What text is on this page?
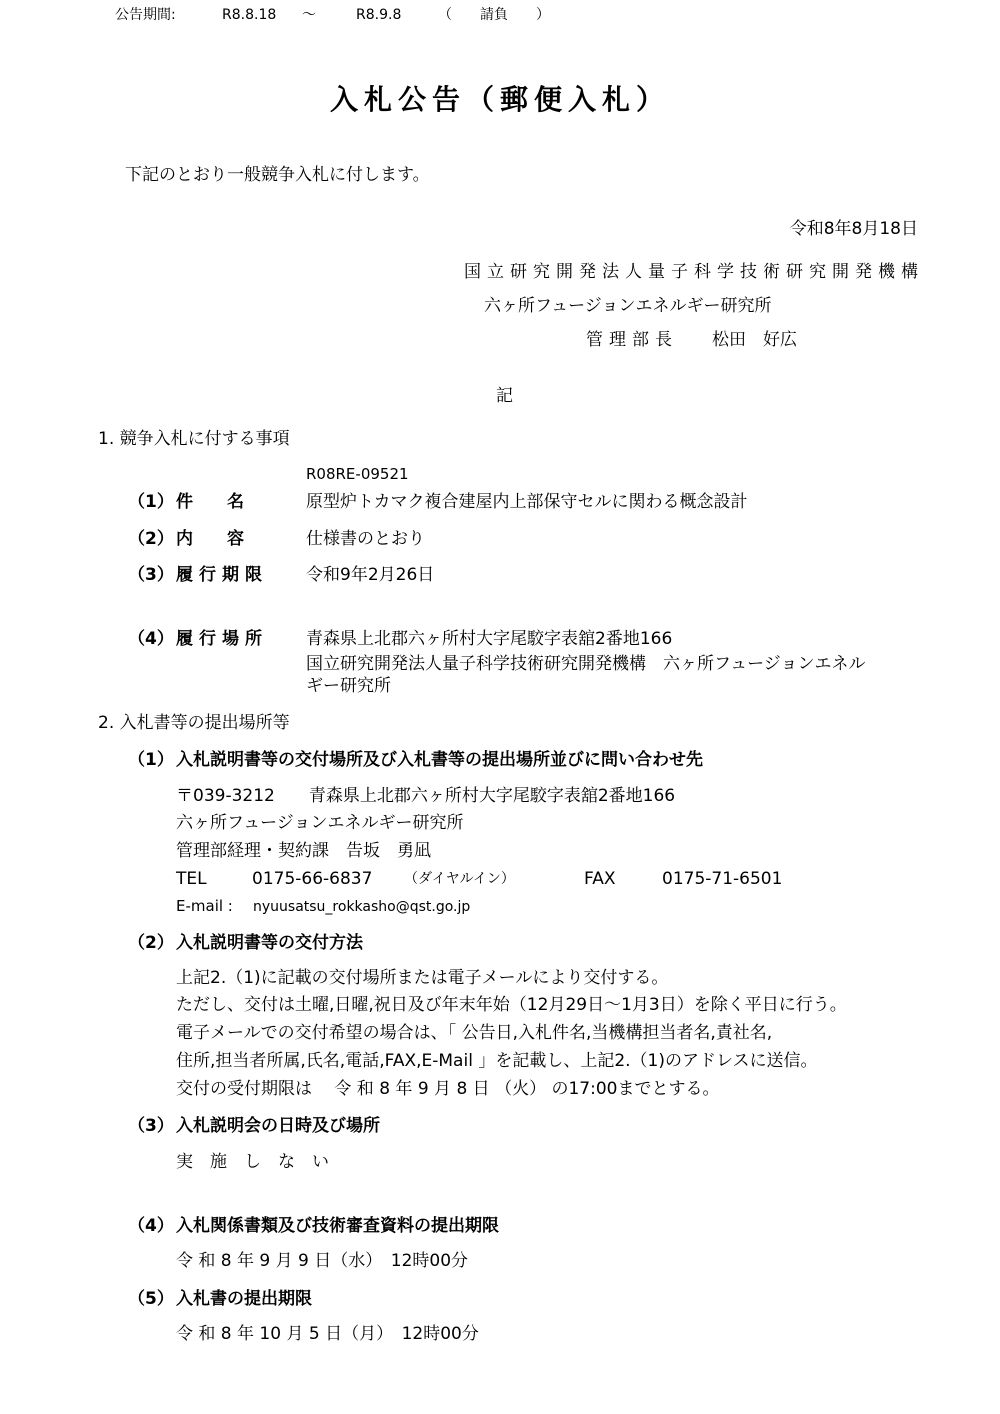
公告期間:	R8.8.18 ～	R8.9.8	（　　請負　　）
入札公告（郵便入札）
下記のとおり一般競争入札に付します。
令和8年8月18日
国立研究開発法人量子科学技術研究開発機構
六ヶ所フュージョンエネルギー研究所
管理部長 松田　好広
記
1. 競争入札に付する事項
R08RE-09521
（1） 件　　名	原型炉トカマク複合建屋内上部保守セルに関わる概念設計
（2） 内　　容	仕様書のとおり
（3） 履行期限 令和9年2月26日
（4） 履行場所 青森県上北郡六ヶ所村大字尾駮字表舘2番地166
国立研究開発法人量子科学技術研究開発機構　六ヶ所フュージョンエネル
ギー研究所
2. 入札書等の提出場所等
（1） 入札説明書等の交付場所及び入札書等の提出場所並びに問い合わせ先
〒039-3212　　青森県上北郡六ヶ所村大字尾駮字表舘2番地166
六ヶ所フュージョンエネルギー研究所
管理部経理・契約課　告坂　勇凪
TEL	0175-66-6837 （ダイヤルイン）	FAX	0175-71-6501
E-mail : nyuusatsu_rokkasho@qst.go.jp
（2） 入札説明書等の交付方法
上記2.（1)に記載の交付場所または電子メールにより交付する。
ただし、交付は土曜,日曜,祝日及び年末年始（12月29日～1月3日）を除く平日に行う。
電子メールでの交付希望の場合は、「 公告日,入札件名,当機構担当者名,責社名,
住所,担当者所属,氏名,電話,FAX,E-Mail 」を記載し、上記2.（1)のアドレスに送信。
交付の受付期限は　 令 和 8 年 9 月 8 日 （火） の17:00までとする。
（3） 入札説明会の日時及び場所
実　施　し　な　い
（4） 入札関係書類及び技術審査資料の提出期限
令 和 8 年 9 月 9 日（水）　12時00分
（5） 入札書の提出期限
令 和 8 年 10 月 5 日（月）　12時00分
